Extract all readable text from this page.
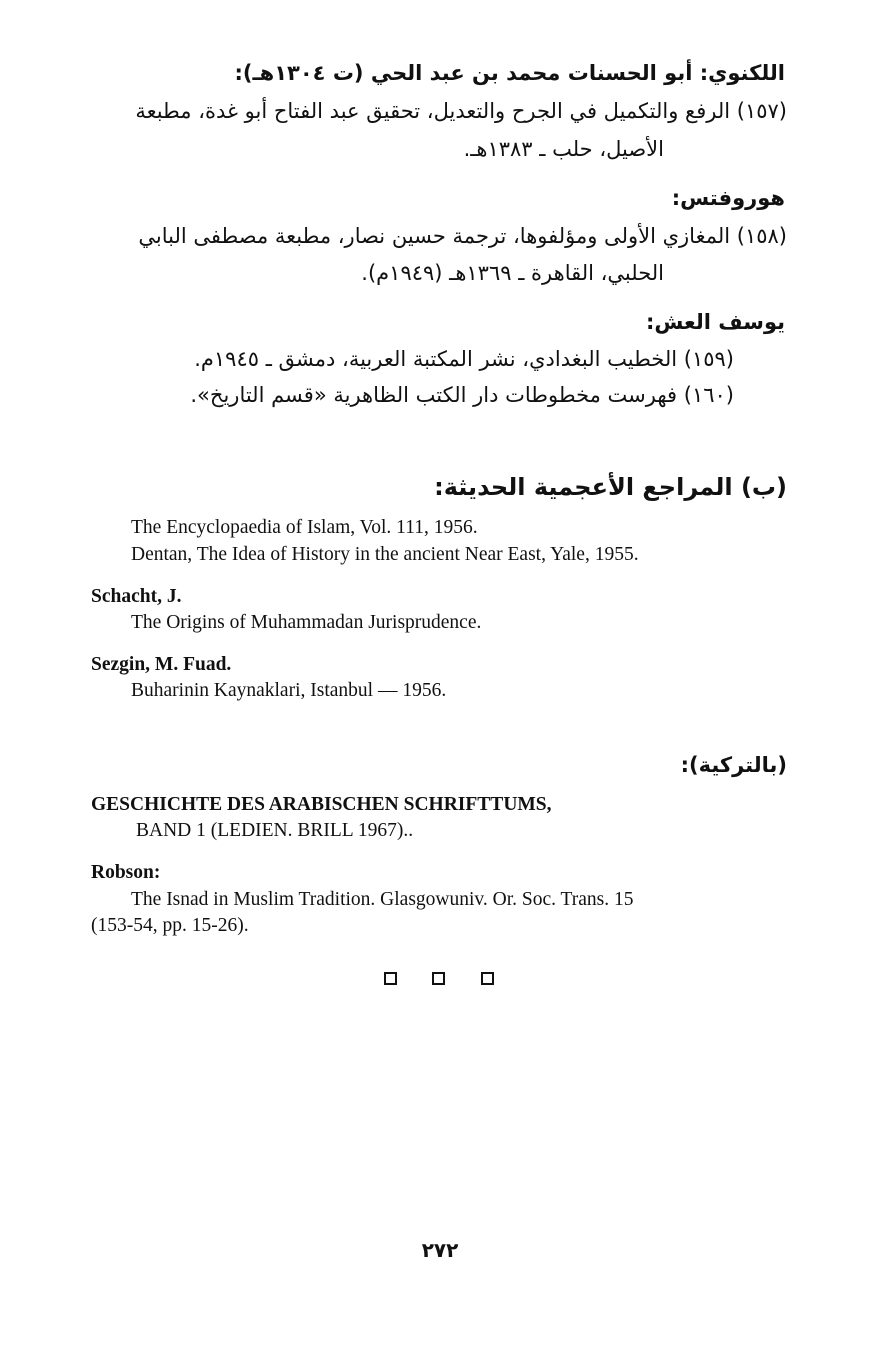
اللكنوي: أبو الحسنات محمد بن عبد الحي (ت ١٣٠٤هـ):
(١٥٧) الرفع والتكميل في الجرح والتعديل، تحقيق عبد الفتاح أبو غدة، مطبعة
الأصيل، حلب ـ ١٣٨٣هـ.
هوروفتس:
(١٥٨) المغازي الأولى ومؤلفوها، ترجمة حسين نصار، مطبعة مصطفى البابي
الحلبي، القاهرة ـ ١٣٦٩هـ (١٩٤٩م).
يوسف العش:
(١٥٩) الخطيب البغدادي، نشر المكتبة العربية، دمشق ـ ١٩٤٥م.
(١٦٠) فهرست مخطوطات دار الكتب الظاهرية «قسم التاريخ».
(ب) المراجع الأعجمية الحديثة:
The Encyclopaedia of Islam, Vol. 111, 1956.
Dentan, The Idea of History in the ancient Near East, Yale, 1955.
Schacht, J.
The Origins of Muhammadan Jurisprudence.
Sezgin, M. Fuad.
Buharinin Kaynaklari, Istanbul — 1956.
(بالتركية):
GESCHICHTE DES ARABISCHEN SCHRIFTTUMS,
BAND 1 (LEDIEN. BRILL 1967)..
Robson:
The Isnad in Muslim Tradition. Glasgowuniv. Or. Soc. Trans. 15
(153-54, pp. 15-26).
٢٧٢
